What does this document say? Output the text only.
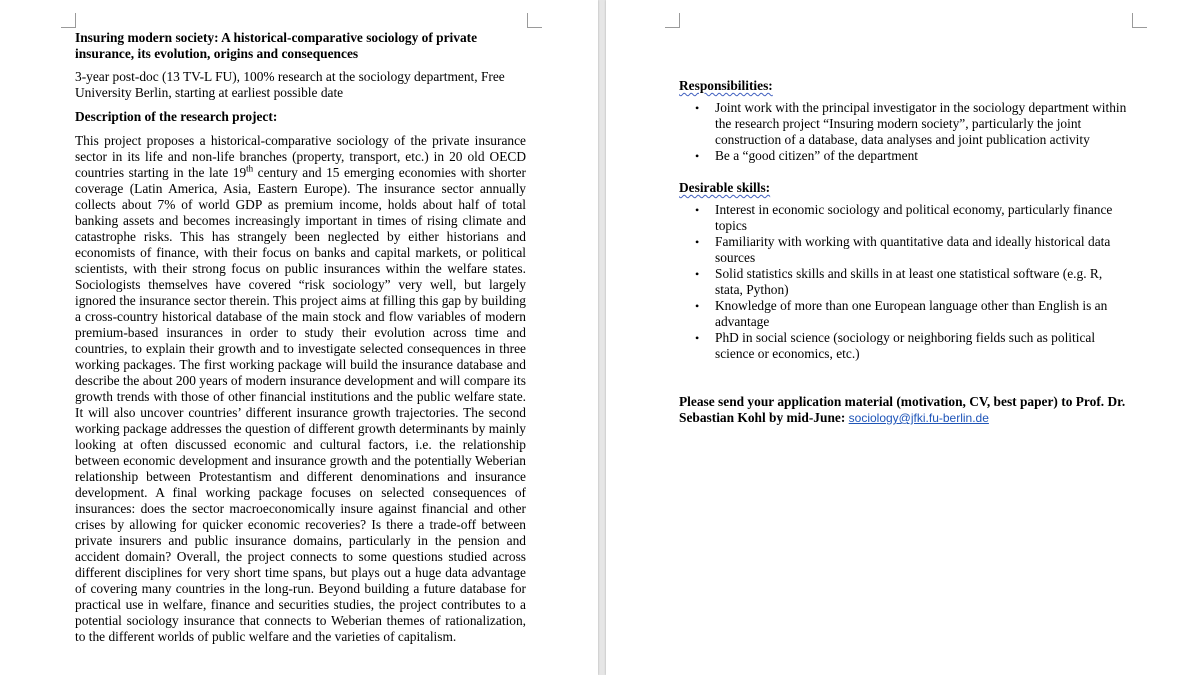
Insuring modern society: A historical-comparative sociology of private insurance, its evolution, origins and consequences

3-year post-doc (13 TV-L FU), 100% research at the sociology department, Free University Berlin, starting at earliest possible date

Description of the research project:

This project proposes a historical-comparative sociology of the private insurance sector in its life and non-life branches (property, transport, etc.) in 20 old OECD countries starting in the late 19th century and 15 emerging economies with shorter coverage (Latin America, Asia, Eastern Europe). The insurance sector annually collects about 7% of world GDP as premium income, holds about half of total banking assets and becomes increasingly important in times of rising climate and catastrophe risks. This has strangely been neglected by either historians and economists of finance, with their focus on banks and capital markets, or political scientists, with their strong focus on public insurances within the welfare states. Sociologists themselves have covered “risk sociology” very well, but largely ignored the insurance sector therein. This project aims at filling this gap by building a cross-country historical database of the main stock and flow variables of modern premium-based insurances in order to study their evolution across time and countries, to explain their growth and to investigate selected consequences in three working packages. The first working package will build the insurance database and describe the about 200 years of modern insurance development and will compare its growth trends with those of other financial institutions and the public welfare state. It will also uncover countries’ different insurance growth trajectories. The second working package addresses the question of different growth determinants by mainly looking at often discussed economic and cultural factors, i.e. the relationship between economic development and insurance growth and the potentially Weberian relationship between Protestantism and different denominations and insurance development. A final working package focuses on selected consequences of insurances: does the sector macroeconomically insure against financial and other crises by allowing for quicker economic recoveries? Is there a trade-off between private insurers and public insurance domains, particularly in the pension and accident domain? Overall, the project connects to some questions studied across different disciplines for very short time spans, but plays out a huge data advantage of covering many countries in the long-run. Beyond building a future database for practical use in welfare, finance and securities studies, the project contributes to a potential sociology insurance that connects to Weberian themes of rationalization, to the different worlds of public welfare and the varieties of capitalism.

Responsibilities:

• Joint work with the principal investigator in the sociology department within the research project “Insuring modern society”, particularly the joint construction of a database, data analyses and joint publication activity
• Be a “good citizen” of the department

Desirable skills:

• Interest in economic sociology and political economy, particularly finance topics
• Familiarity with working with quantitative data and ideally historical data sources
• Solid statistics skills and skills in at least one statistical software (e.g. R, stata, Python)
• Knowledge of more than one European language other than English is an advantage
• PhD in social science (sociology or neighboring fields such as political science or economics, etc.)

Please send your application material (motivation, CV, best paper) to Prof. Dr. Sebastian Kohl by mid-June: sociology@jfki.fu-berlin.de
